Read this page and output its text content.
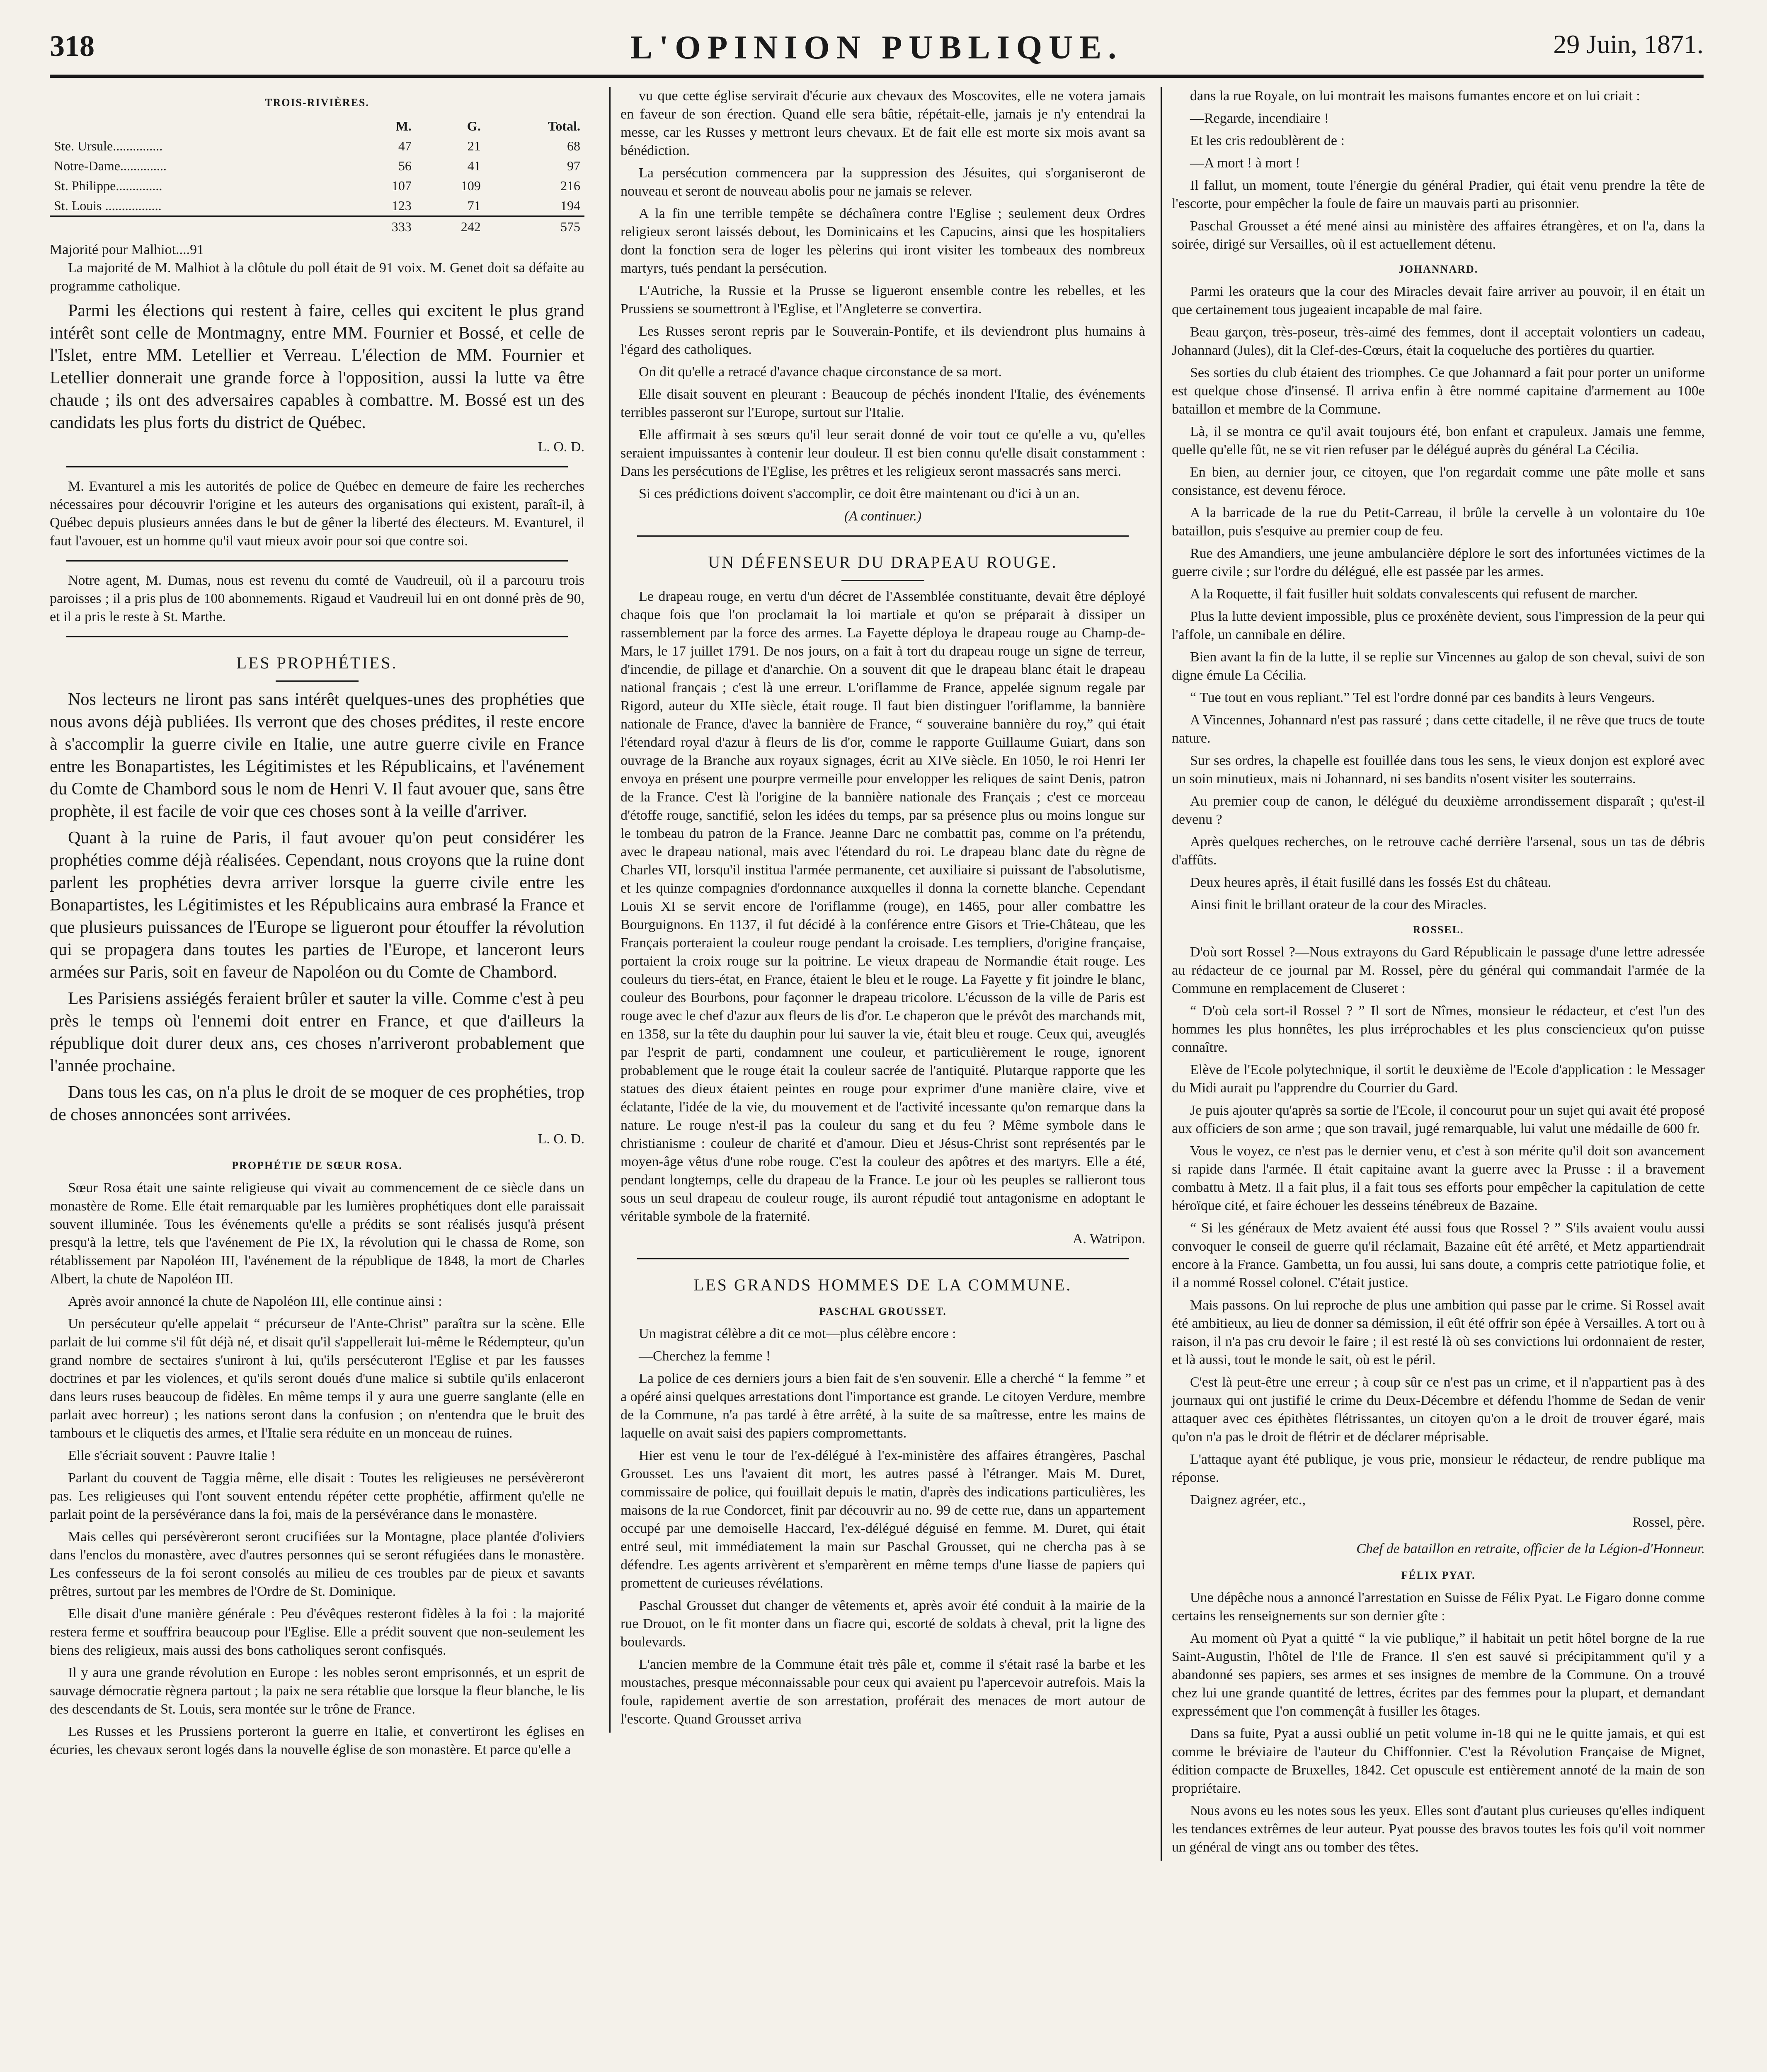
318	L'OPINION PUBLIQUE.	29 Juin, 1871.
TROIS-RIVIÈRES.
	M.	G.	Total.
Ste. Ursule...............	47	21	68
Notre-Dame..............	56	41	97
St. Philippe..............	107	109	216
St. Louis .................	123	71	194
	333	242	575
Majorité pour Malhiot....91

La majorité de M. Malhiot à la clôtule du poll était de 91 voix. M. Genet doit sa défaite au programme catholique.

Parmi les élections qui restent à faire, celles qui excitent le plus grand intérêt sont celle de Montmagny, entre MM. Fournier et Bossé, et celle de l'Islet, entre MM. Letellier et Verreau. L'élection de MM. Fournier et Letellier donnerait une grande force à l'opposition, aussi la lutte va être chaude ; ils ont des adversaires capables à combattre. M. Bossé est un des candidats les plus forts du district de Québec.

L. O. D.

M. Evanturel a mis les autorités de police de Québec en demeure de faire les recherches nécessaires pour découvrir l'origine et les auteurs des organisations qui existent, paraît-il, à Québec depuis plusieurs années dans le but de gêner la liberté des électeurs. M. Evanturel, il faut l'avouer, est un homme qu'il vaut mieux avoir pour soi que contre soi.

Notre agent, M. Dumas, nous est revenu du comté de Vaudreuil, où il a parcouru trois paroisses ; il a pris plus de 100 abonnements. Rigaud et Vaudreuil lui en ont donné près de 90, et il a pris le reste à St. Marthe.

LES PROPHÉTIES.

Nos lecteurs ne liront pas sans intérêt quelques-unes des prophéties que nous avons déjà publiées. Ils verront que des choses prédites, il reste encore à s'accomplir la guerre civile en Italie, une autre guerre civile en France entre les Bonapartistes, les Légitimistes et les Républicains, et l'avénement du Comte de Chambord sous le nom de Henri V. Il faut avouer que, sans être prophète, il est facile de voir que ces choses sont à la veille d'arriver.

Quant à la ruine de Paris, il faut avouer qu'on peut considérer les prophéties comme déjà réalisées. Cependant, nous croyons que la ruine dont parlent les prophéties devra arriver lorsque la guerre civile entre les Bonapartistes, les Légitimistes et les Républicains aura embrasé la France et que plusieurs puissances de l'Europe se ligueront pour étouffer la révolution qui se propagera dans toutes les parties de l'Europe, et lanceront leurs armées sur Paris, soit en faveur de Napoléon ou du Comte de Chambord.

Les Parisiens assiégés feraient brûler et sauter la ville. Comme c'est à peu près le temps où l'ennemi doit entrer en France, et que d'ailleurs la république doit durer deux ans, ces choses n'arriveront probablement que l'année prochaine.

Dans tous les cas, on n'a plus le droit de se moquer de ces prophéties, trop de choses annoncées sont arrivées.

L. O. D.
PROPHÉTIE DE SŒUR ROSA.

Sœur Rosa était une sainte religieuse qui vivait au commencement de ce siècle dans un monastère de Rome. Elle était remarquable par les lumières prophétiques dont elle paraissait souvent illuminée. Tous les événements qu'elle a prédits se sont réalisés jusqu'à présent presqu'à la lettre, tels que l'avénement de Pie IX, la révolution qui le chassa de Rome, son rétablissement par Napoléon III, l'avénement de la république de 1848, la mort de Charles Albert, la chute de Napoléon III.

Après avoir annoncé la chute de Napoléon III, elle continue ainsi :

Un persécuteur qu'elle appelait “ précurseur de l'Ante-Christ” paraîtra sur la scène. Elle parlait de lui comme s'il fût déjà né, et disait qu'il s'appellerait lui-même le Rédempteur, qu'un grand nombre de sectaires s'uniront à lui, qu'ils persécuteront l'Eglise et par les fausses doctrines et par les violences, et qu'ils seront doués d'une malice si subtile qu'ils enlaceront dans leurs ruses beaucoup de fidèles. En même temps il y aura une guerre sanglante (elle en parlait avec horreur) ; les nations seront dans la confusion ; on n'entendra que le bruit des tambours et le cliquetis des armes, et l'Italie sera réduite en un monceau de ruines.

Elle s'écriait souvent : Pauvre Italie !

Parlant du couvent de Taggia même, elle disait : Toutes les religieuses ne persévèreront pas. Les religieuses qui l'ont souvent entendu répéter cette prophétie, affirment qu'elle ne parlait point de la persévérance dans la foi, mais de la persévérance dans le monastère.

Mais celles qui persévèreront seront crucifiées sur la Montagne, place plantée d'oliviers dans l'enclos du monastère, avec d'autres personnes qui se seront réfugiées dans le monastère. Les confesseurs de la foi seront consolés au milieu de ces troubles par de pieux et savants prêtres, surtout par les membres de l'Ordre de St. Dominique.

Elle disait d'une manière générale : Peu d'évêques resteront fidèles à la foi : la majorité restera ferme et souffrira beaucoup pour l'Eglise. Elle a prédit souvent que non-seulement les biens des religieux, mais aussi des bons catholiques seront confisqués.

Il y aura une grande révolution en Europe : les nobles seront emprisonnés, et un esprit de sauvage démocratie règnera partout ; la paix ne sera rétablie que lorsque la fleur blanche, le lis des descendants de St. Louis, sera montée sur le trône de France.

Les Russes et les Prussiens porteront la guerre en Italie, et convertiront les églises en écuries, les chevaux seront logés dans la nouvelle église de son monastère. Et parce qu'elle a

vu que cette église servirait d'écurie aux chevaux des Moscovites, elle ne votera jamais en faveur de son érection. Quand elle sera bâtie, répétait-elle, jamais je n'y entendrai la messe, car les Russes y mettront leurs chevaux. Et de fait elle est morte six mois avant sa bénédiction.

La persécution commencera par la suppression des Jésuites, qui s'organiseront de nouveau et seront de nouveau abolis pour ne jamais se relever.

A la fin une terrible tempête se déchaînera contre l'Eglise ; seulement deux Ordres religieux seront laissés debout, les Dominicains et les Capucins, ainsi que les hospitaliers dont la fonction sera de loger les pèlerins qui iront visiter les tombeaux des nombreux martyrs, tués pendant la persécution.

L'Autriche, la Russie et la Prusse se ligueront ensemble contre les rebelles, et les Prussiens se soumettront à l'Eglise, et l'Angleterre se convertira.

Les Russes seront repris par le Souverain-Pontife, et ils deviendront plus humains à l'égard des catholiques.

On dit qu'elle a retracé d'avance chaque circonstance de sa mort.

Elle disait souvent en pleurant : Beaucoup de péchés inondent l'Italie, des événements terribles passeront sur l'Europe, surtout sur l'Italie.

Elle affirmait à ses sœurs qu'il leur serait donné de voir tout ce qu'elle a vu, qu'elles seraient impuissantes à contenir leur douleur. Il est bien connu qu'elle disait constamment : Dans les persécutions de l'Eglise, les prêtres et les religieux seront massacrés sans merci.

Si ces prédictions doivent s'accomplir, ce doit être maintenant ou d'ici à un an.

(A continuer.)
UN DÉFENSEUR DU DRAPEAU ROUGE.

Le drapeau rouge, en vertu d'un décret de l'Assemblée constituante, devait être déployé chaque fois que l'on proclamait la loi martiale et qu'on se préparait à dissiper un rassemblement par la force des armes. La Fayette déploya le drapeau rouge au Champ-de-Mars, le 17 juillet 1791. De nos jours, on a fait à tort du drapeau rouge un signe de terreur, d'incendie, de pillage et d'anarchie. On a souvent dit que le drapeau blanc était le drapeau national français ; c'est là une erreur. L'oriflamme de France, appelée signum regale par Rigord, auteur du XIIe siècle, était rouge. Il faut bien distinguer l'oriflamme, la bannière nationale de France, d'avec la bannière de France, “ souveraine bannière du roy,” qui était l'étendard royal d'azur à fleurs de lis d'or, comme le rapporte Guillaume Guiart, dans son ouvrage de la Branche aux royaux signages, écrit au XIVe siècle. En 1050, le roi Henri Ier envoya en présent une pourpre vermeille pour envelopper les reliques de saint Denis, patron de la France. C'est là l'origine de la bannière nationale des Français ; c'est ce morceau d'étoffe rouge, sanctifié, selon les idées du temps, par sa présence plus ou moins longue sur le tombeau du patron de la France. Jeanne Darc ne combattit pas, comme on l'a prétendu, avec le drapeau national, mais avec l'étendard du roi. Le drapeau blanc date du règne de Charles VII, lorsqu'il institua l'armée permanente, cet auxiliaire si puissant de l'absolutisme, et les quinze compagnies d'ordonnance auxquelles il donna la cornette blanche. Cependant Louis XI se servit encore de l'oriflamme (rouge), en 1465, pour aller combattre les Bourguignons. En 1137, il fut décidé à la conférence entre Gisors et Trie-Château, que les Français porteraient la couleur rouge pendant la croisade. Les templiers, d'origine française, portaient la croix rouge sur la poitrine. Le vieux drapeau de Normandie était rouge. Les couleurs du tiers-état, en France, étaient le bleu et le rouge. La Fayette y fit joindre le blanc, couleur des Bourbons, pour façonner le drapeau tricolore. L'écusson de la ville de Paris est rouge avec le chef d'azur aux fleurs de lis d'or. Le chaperon que le prévôt des marchands mit, en 1358, sur la tête du dauphin pour lui sauver la vie, était bleu et rouge. Ceux qui, aveuglés par l'esprit de parti, condamnent une couleur, et particulièrement le rouge, ignorent probablement que le rouge était la couleur sacrée de l'antiquité. Plutarque rapporte que les statues des dieux étaient peintes en rouge pour exprimer d'une manière claire, vive et éclatante, l'idée de la vie, du mouvement et de l'activité incessante qu'on remarque dans la nature. Le rouge n'est-il pas la couleur du sang et du feu ? Même symbole dans le christianisme : couleur de charité et d'amour. Dieu et Jésus-Christ sont représentés par le moyen-âge vêtus d'une robe rouge. C'est la couleur des apôtres et des martyrs. Elle a été, pendant longtemps, celle du drapeau de la France. Le jour où les peuples se rallieront tous sous un seul drapeau de couleur rouge, ils auront répudié tout antagonisme en adoptant le véritable symbole de la fraternité.

A. Watripon.
LES GRANDS HOMMES DE LA COMMUNE.
PASCHAL GROUSSET.

Un magistrat célèbre a dit ce mot—plus célèbre encore :

—Cherchez la femme !

La police de ces derniers jours a bien fait de s'en souvenir. Elle a cherché “ la femme ” et a opéré ainsi quelques arrestations dont l'importance est grande. Le citoyen Verdure, membre de la Commune, n'a pas tardé à être arrêté, à la suite de sa maîtresse, entre les mains de laquelle on avait saisi des papiers compromettants.

Hier est venu le tour de l'ex-délégué à l'ex-ministère des affaires étrangères, Paschal Grousset. Les uns l'avaient dit mort, les autres passé à l'étranger. Mais M. Duret, commissaire de police, qui fouillait depuis le matin, d'après des indications particulières, les maisons de la rue Condorcet, finit par découvrir au no. 99 de cette rue, dans un appartement occupé par une demoiselle Haccard, l'ex-délégué déguisé en femme. M. Duret, qui était entré seul, mit immédiatement la main sur Paschal Grousset, qui ne chercha pas à se défendre. Les agents arrivèrent et s'emparèrent en même temps d'une liasse de papiers qui promettent de curieuses révélations.

Paschal Grousset dut changer de vêtements et, après avoir été conduit à la mairie de la rue Drouot, on le fit monter dans un fiacre qui, escorté de soldats à cheval, prit la ligne des boulevards.

L'ancien membre de la Commune était très pâle et, comme il s'était rasé la barbe et les moustaches, presque méconnaissable pour ceux qui avaient pu l'apercevoir autrefois. Mais la foule, rapidement avertie de son arrestation, proférait des menaces de mort autour de l'escorte. Quand Grousset arriva

dans la rue Royale, on lui montrait les maisons fumantes encore et on lui criait :

—Regarde, incendiaire !

Et les cris redoublèrent de :

—A mort ! à mort !

Il fallut, un moment, toute l'énergie du général Pradier, qui était venu prendre la tête de l'escorte, pour empêcher la foule de faire un mauvais parti au prisonnier.

Paschal Grousset a été mené ainsi au ministère des affaires étrangères, et on l'a, dans la soirée, dirigé sur Versailles, où il est actuellement détenu.

JOHANNARD.

Parmi les orateurs que la cour des Miracles devait faire arriver au pouvoir, il en était un que certainement tous jugeaient incapable de mal faire.

Beau garçon, très-poseur, très-aimé des femmes, dont il acceptait volontiers un cadeau, Johannard (Jules), dit la Clef-des-Cœurs, était la coqueluche des portières du quartier.

Ses sorties du club étaient des triomphes. Ce que Johannard a fait pour porter un uniforme est quelque chose d'insensé. Il arriva enfin à être nommé capitaine d'armement au 100e bataillon et membre de la Commune.

Là, il se montra ce qu'il avait toujours été, bon enfant et crapuleux. Jamais une femme, quelle qu'elle fût, ne se vit rien refuser par le délégué auprès du général La Cécilia.

En bien, au dernier jour, ce citoyen, que l'on regardait comme une pâte molle et sans consistance, est devenu féroce.

A la barricade de la rue du Petit-Carreau, il brûle la cervelle à un volontaire du 10e bataillon, puis s'esquive au premier coup de feu.

Rue des Amandiers, une jeune ambulancière déplore le sort des infortunées victimes de la guerre civile ; sur l'ordre du délégué, elle est passée par les armes.

A la Roquette, il fait fusiller huit soldats convalescents qui refusent de marcher.

Plus la lutte devient impossible, plus ce proxénète devient, sous l'impression de la peur qui l'affole, un cannibale en délire.

Bien avant la fin de la lutte, il se replie sur Vincennes au galop de son cheval, suivi de son digne émule La Cécilia.

“ Tue tout en vous repliant.” Tel est l'ordre donné par ces bandits à leurs Vengeurs.

A Vincennes, Johannard n'est pas rassuré ; dans cette citadelle, il ne rêve que trucs de toute nature.

Sur ses ordres, la chapelle est fouillée dans tous les sens, le vieux donjon est exploré avec un soin minutieux, mais ni Johannard, ni ses bandits n'osent visiter les souterrains.

Au premier coup de canon, le délégué du deuxième arrondissement disparaît ; qu'est-il devenu ?

Après quelques recherches, on le retrouve caché derrière l'arsenal, sous un tas de débris d'affûts.

Deux heures après, il était fusillé dans les fossés Est du château.

Ainsi finit le brillant orateur de la cour des Miracles.

ROSSEL.

D'où sort Rossel ?—Nous extrayons du Gard Républicain le passage d'une lettre adressée au rédacteur de ce journal par M. Rossel, père du général qui commandait l'armée de la Commune en remplacement de Cluseret :

“ D'où cela sort-il Rossel ? ” Il sort de Nîmes, monsieur le rédacteur, et c'est l'un des hommes les plus honnêtes, les plus irréprochables et les plus consciencieux qu'on puisse connaître.

Elève de l'Ecole polytechnique, il sortit le deuxième de l'Ecole d'application : le Messager du Midi aurait pu l'apprendre du Courrier du Gard.

Je puis ajouter qu'après sa sortie de l'Ecole, il concourut pour un sujet qui avait été proposé aux officiers de son arme ; que son travail, jugé remarquable, lui valut une médaille de 600 fr.

Vous le voyez, ce n'est pas le dernier venu, et c'est à son mérite qu'il doit son avancement si rapide dans l'armée. Il était capitaine avant la guerre avec la Prusse : il a bravement combattu à Metz. Il a fait plus, il a fait tous ses efforts pour empêcher la capitulation de cette héroïque cité, et faire échouer les desseins ténébreux de Bazaine.

“ Si les généraux de Metz avaient été aussi fous que Rossel ? ” S'ils avaient voulu aussi convoquer le conseil de guerre qu'il réclamait, Bazaine eût été arrêté, et Metz appartiendrait encore à la France. Gambetta, un fou aussi, lui sans doute, a compris cette patriotique folie, et il a nommé Rossel colonel. C'était justice.

Mais passons. On lui reproche de plus une ambition qui passe par le crime. Si Rossel avait été ambitieux, au lieu de donner sa démission, il eût été offrir son épée à Versailles. A tort ou à raison, il n'a pas cru devoir le faire ; il est resté là où ses convictions lui ordonnaient de rester, et là aussi, tout le monde le sait, où est le péril.

C'est là peut-être une erreur ; à coup sûr ce n'est pas un crime, et il n'appartient pas à des journaux qui ont justifié le crime du Deux-Décembre et défendu l'homme de Sedan de venir attaquer avec ces épithètes flétrissantes, un citoyen qu'on a le droit de trouver égaré, mais qu'on n'a pas le droit de flétrir et de déclarer méprisable.

L'attaque ayant été publique, je vous prie, monsieur le rédacteur, de rendre publique ma réponse.

Daignez agréer, etc.,

Rossel, père.
Chef de bataillon en retraite, officier de la Légion-d'Honneur.
FÉLIX PYAT.

Une dépêche nous a annoncé l'arrestation en Suisse de Félix Pyat. Le Figaro donne comme certains les renseignements sur son dernier gîte :

Au moment où Pyat a quitté “ la vie publique,” il habitait un petit hôtel borgne de la rue Saint-Augustin, l'hôtel de l'Ile de France. Il s'en est sauvé si précipitamment qu'il y a abandonné ses papiers, ses armes et ses insignes de membre de la Commune. On a trouvé chez lui une grande quantité de lettres, écrites par des femmes pour la plupart, et demandant expressément que l'on commençât à fusiller les ôtages.

Dans sa fuite, Pyat a aussi oublié un petit volume in-18 qui ne le quitte jamais, et qui est comme le bréviaire de l'auteur du Chiffonnier. C'est la Révolution Française de Mignet, édition compacte de Bruxelles, 1842. Cet opuscule est entièrement annoté de la main de son propriétaire.

Nous avons eu les notes sous les yeux. Elles sont d'autant plus curieuses qu'elles indiquent les tendances extrêmes de leur auteur. Pyat pousse des bravos toutes les fois qu'il voit nommer un général de vingt ans ou tomber des têtes.
